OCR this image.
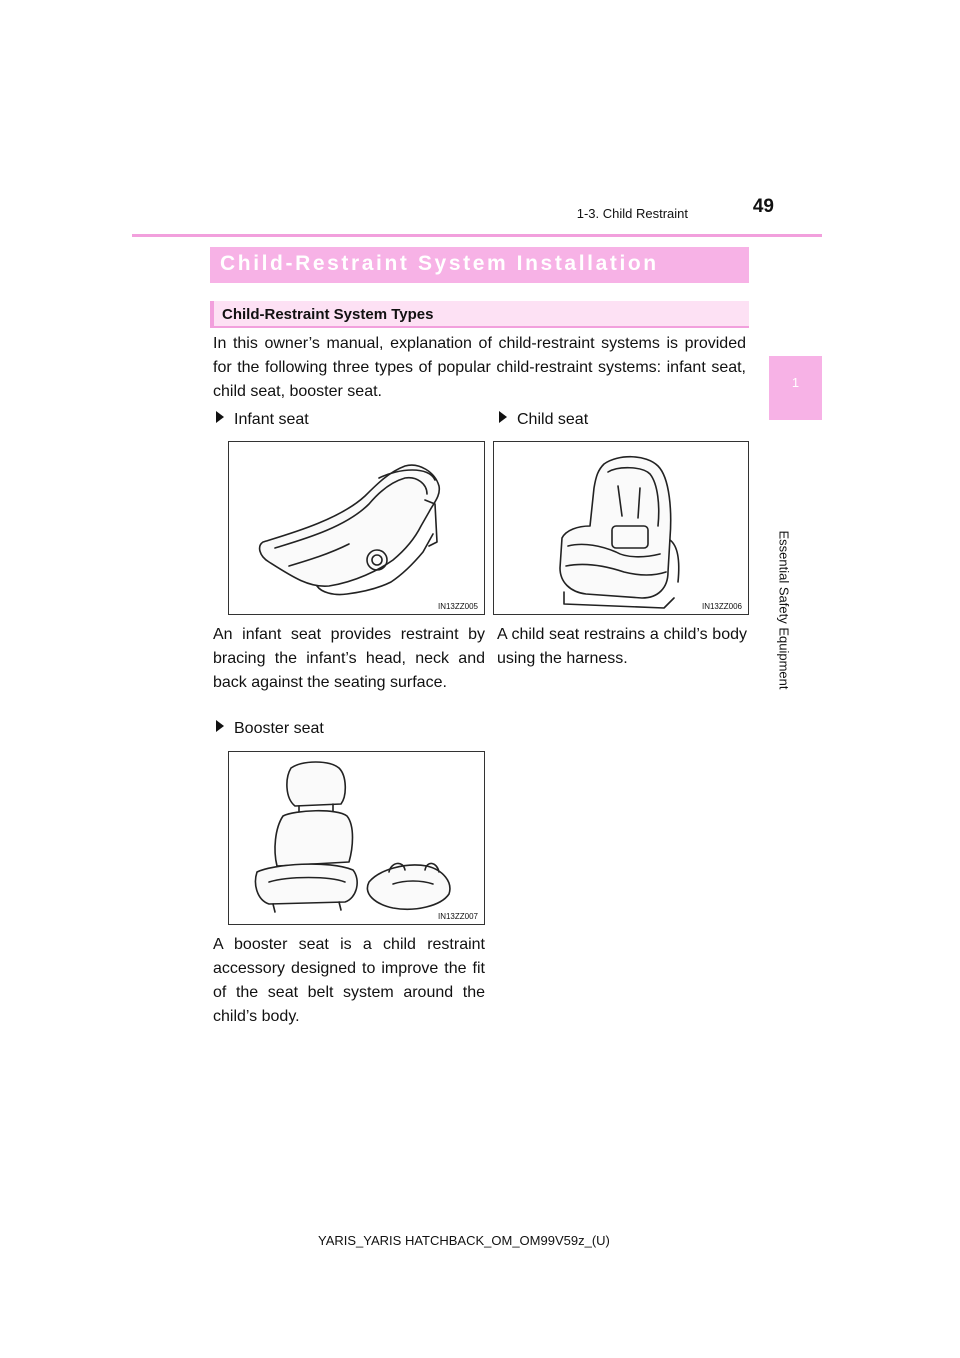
1-3. Child Restraint	49
1
Essential Safety Equipment
Child-Restraint System Installation
Child-Restraint System Types
In this owner’s manual, explanation of child-restraint systems is provided for the following three types of popular child-restraint systems: infant seat, child seat, booster seat.
Infant seat
IN13ZZ005
An infant seat provides restraint by bracing the infant’s head, neck and back against the seating surface.
Child seat
IN13ZZ006
A child seat restrains a child’s body using the harness.
Booster seat
IN13ZZ007
A booster seat is a child restraint accessory designed to improve the fit of the seat belt system around the child’s body.
YARIS_YARIS HATCHBACK_OM_OM99V59z_(U)
